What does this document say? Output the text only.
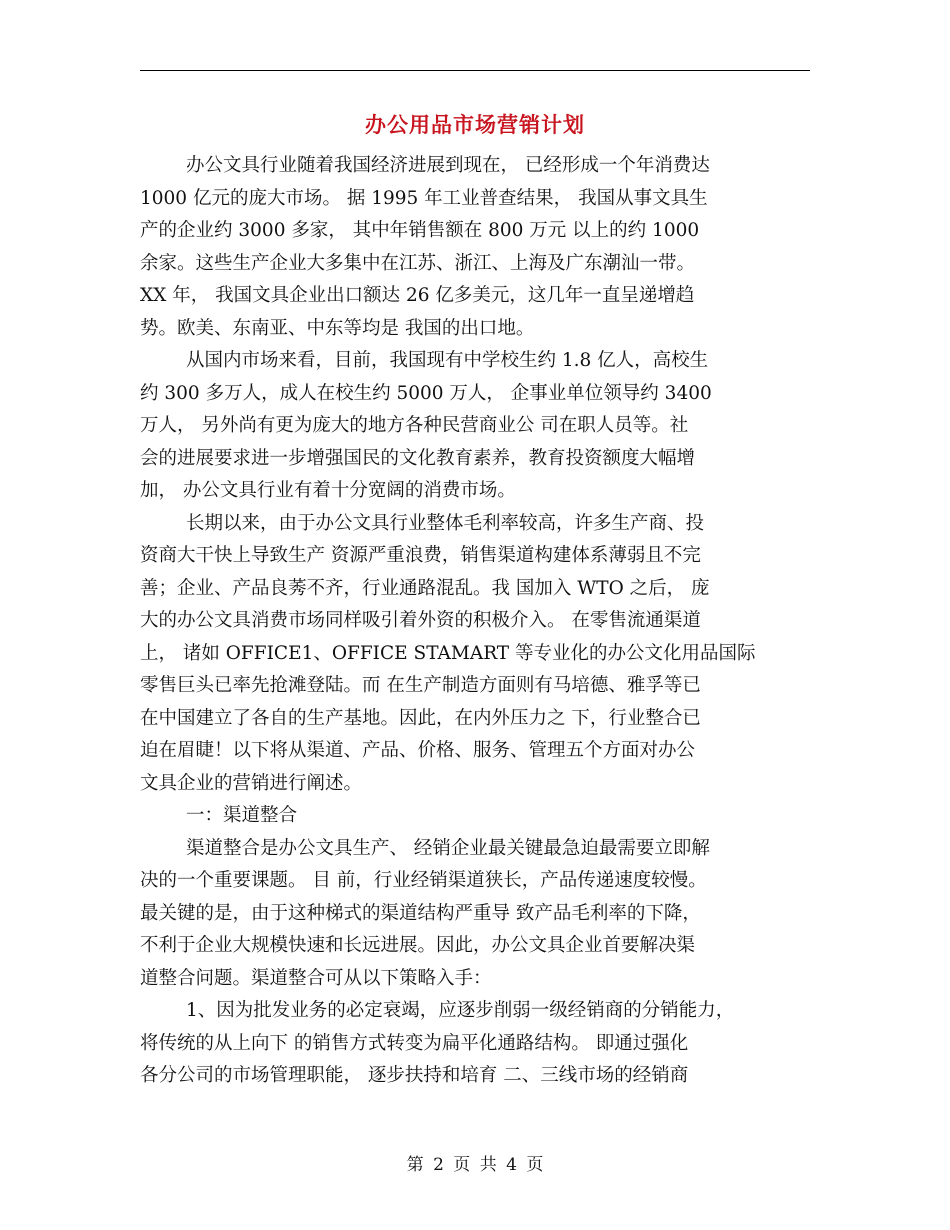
办公用品市场营销计划
办公文具行业随着我国经济进展到现在， 已经形成一个年消费达
1000 亿元的庞大市场。 据 1995 年工业普查结果， 我国从事文具生
产的企业约 3000 多家， 其中年销售额在 800 万元 以上的约 1000
余家。这些生产企业大多集中在江苏、浙江、上海及广东潮汕一带。
XX 年， 我国文具企业出口额达 26 亿多美元，这几年一直呈递增趋
势。欧美、东南亚、中东等均是 我国的出口地。
从国内市场来看，目前，我国现有中学校生约 1.8 亿人，高校生
约 300 多万人，成人在校生约 5000 万人， 企事业单位领导约 3400
万人， 另外尚有更为庞大的地方各种民营商业公 司在职人员等。社
会的进展要求进一步增强国民的文化教育素养，教育投资额度大幅增
加， 办公文具行业有着十分宽阔的消费市场。
长期以来，由于办公文具行业整体毛利率较高，许多生产商、投
资商大干快上导致生产 资源严重浪费，销售渠道构建体系薄弱且不完
善；企业、产品良莠不齐，行业通路混乱。我 国加入 WTO 之后， 庞
大的办公文具消费市场同样吸引着外资的积极介入。 在零售流通渠道
上， 诸如 OFFICE1、OFFICE STAMART 等专业化的办公文化用品国际
零售巨头已率先抢滩登陆。而 在生产制造方面则有马培德、雅孚等已
在中国建立了各自的生产基地。因此，在内外压力之 下，行业整合已
迫在眉睫！以下将从渠道、产品、价格、服务、管理五个方面对办公
文具企业的营销进行阐述。
一：渠道整合
渠道整合是办公文具生产、 经销企业最关键最急迫最需要立即解
决的一个重要课题。 目 前，行业经销渠道狭长，产品传递速度较慢。
最关键的是，由于这种梯式的渠道结构严重导 致产品毛利率的下降，
不利于企业大规模快速和长远进展。因此，办公文具企业首要解决渠
道整合问题。渠道整合可从以下策略入手：
1、因为批发业务的必定衰竭，应逐步削弱一级经销商的分销能力，
将传统的从上向下 的销售方式转变为扁平化通路结构。 即通过强化
各分公司的市场管理职能， 逐步扶持和培育 二、三线市场的经销商
第 2 页 共 4 页
